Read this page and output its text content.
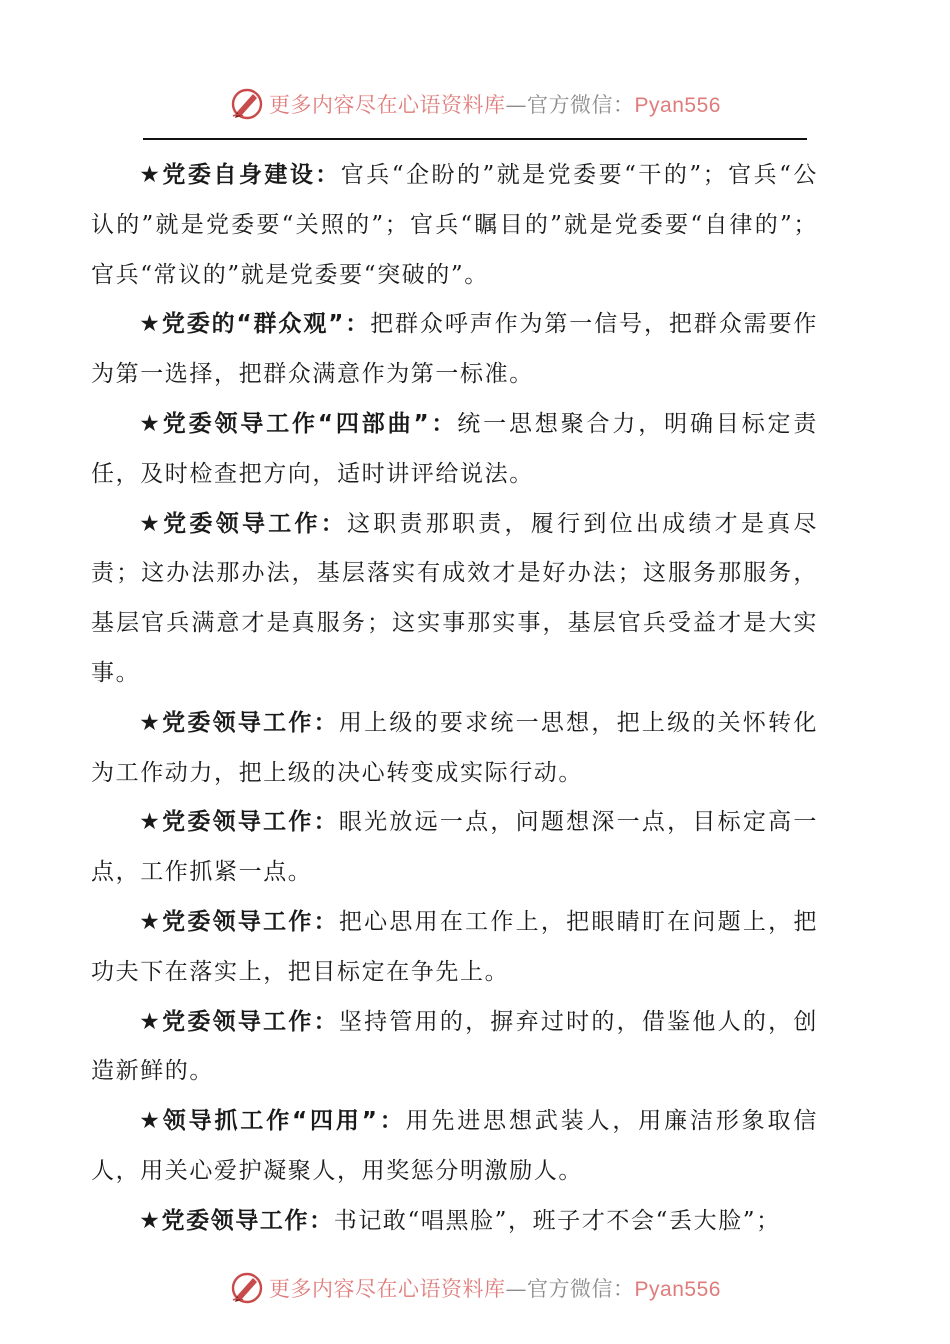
更多内容尽在心语资料库—官方微信：Pyan556

★党委自身建设：官兵“企盼的”就是党委要“干的”；官兵“公认的”就是党委要“关照的”；官兵“瞩目的”就是党委要“自律的”；官兵“常议的”就是党委要“突破的”。

★党委的“群众观”：把群众呼声作为第一信号，把群众需要作为第一选择，把群众满意作为第一标准。

★党委领导工作“四部曲”：统一思想聚合力，明确目标定责任，及时检查把方向，适时讲评给说法。

★党委领导工作：这职责那职责，履行到位出成绩才是真尽责；这办法那办法，基层落实有成效才是好办法；这服务那服务，基层官兵满意才是真服务；这实事那实事，基层官兵受益才是大实事。

★党委领导工作：用上级的要求统一思想，把上级的关怀转化为工作动力，把上级的决心转变成实际行动。

★党委领导工作：眼光放远一点，问题想深一点，目标定高一点，工作抓紧一点。

★党委领导工作：把心思用在工作上，把眼睛盯在问题上，把功夫下在落实上，把目标定在争先上。

★党委领导工作：坚持管用的，摒弃过时的，借鉴他人的，创造新鲜的。

★领导抓工作“四用”：用先进思想武装人，用廉洁形象取信人，用关心爱护凝聚人，用奖惩分明激励人。

★党委领导工作：书记敢“唱黑脸”，班子才不会“丢大脸”；

更多内容尽在心语资料库—官方微信：Pyan556
